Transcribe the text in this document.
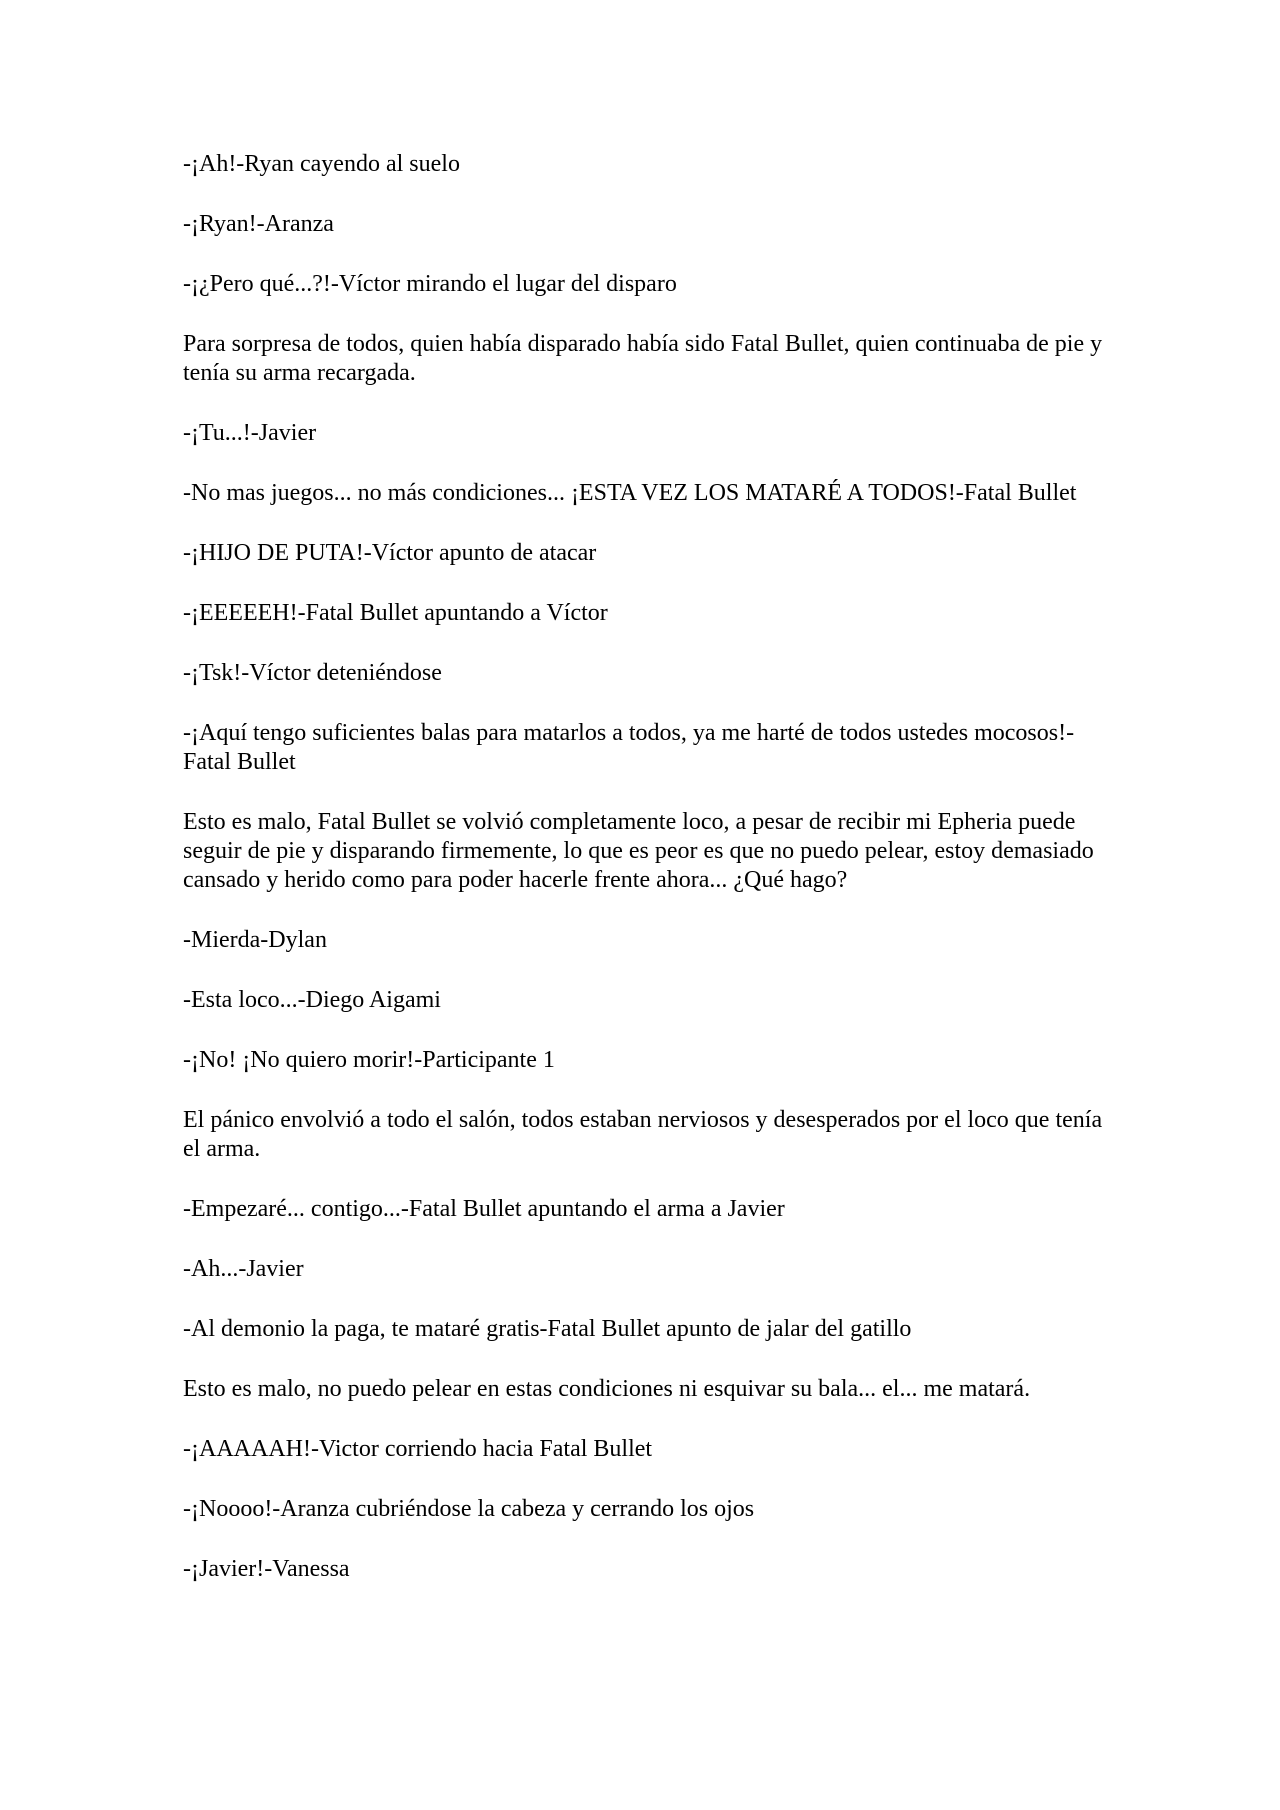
-¡Ah!-Ryan cayendo al suelo

-¡Ryan!-Aranza

-¡¿Pero qué...?!-Víctor mirando el lugar del disparo

Para sorpresa de todos, quien había disparado había sido Fatal Bullet, quien continuaba de pie y tenía su arma recargada.

-¡Tu...!-Javier

-No mas juegos... no más condiciones... ¡ESTA VEZ LOS MATARÉ A TODOS!-Fatal Bullet

-¡HIJO DE PUTA!-Víctor apunto de atacar

-¡EEEEEH!-Fatal Bullet apuntando a Víctor

-¡Tsk!-Víctor deteniéndose

-¡Aquí tengo suficientes balas para matarlos a todos, ya me harté de todos ustedes mocosos!-Fatal Bullet

Esto es malo, Fatal Bullet se volvió completamente loco, a pesar de recibir mi Epheria puede seguir de pie y disparando firmemente, lo que es peor es que no puedo pelear, estoy demasiado cansado y herido como para poder hacerle frente ahora... ¿Qué hago?

-Mierda-Dylan

-Esta loco...-Diego Aigami

-¡No! ¡No quiero morir!-Participante 1

El pánico envolvió a todo el salón, todos estaban nerviosos y desesperados por el loco que tenía el arma.

-Empezaré... contigo...-Fatal Bullet apuntando el arma a Javier

-Ah...-Javier

-Al demonio la paga, te mataré gratis-Fatal Bullet apunto de jalar del gatillo

Esto es malo, no puedo pelear en estas condiciones ni esquivar su bala... el... me matará.

-¡AAAAAH!-Victor corriendo hacia Fatal Bullet

-¡Noooo!-Aranza cubriéndose la cabeza y cerrando los ojos

-¡Javier!-Vanessa
